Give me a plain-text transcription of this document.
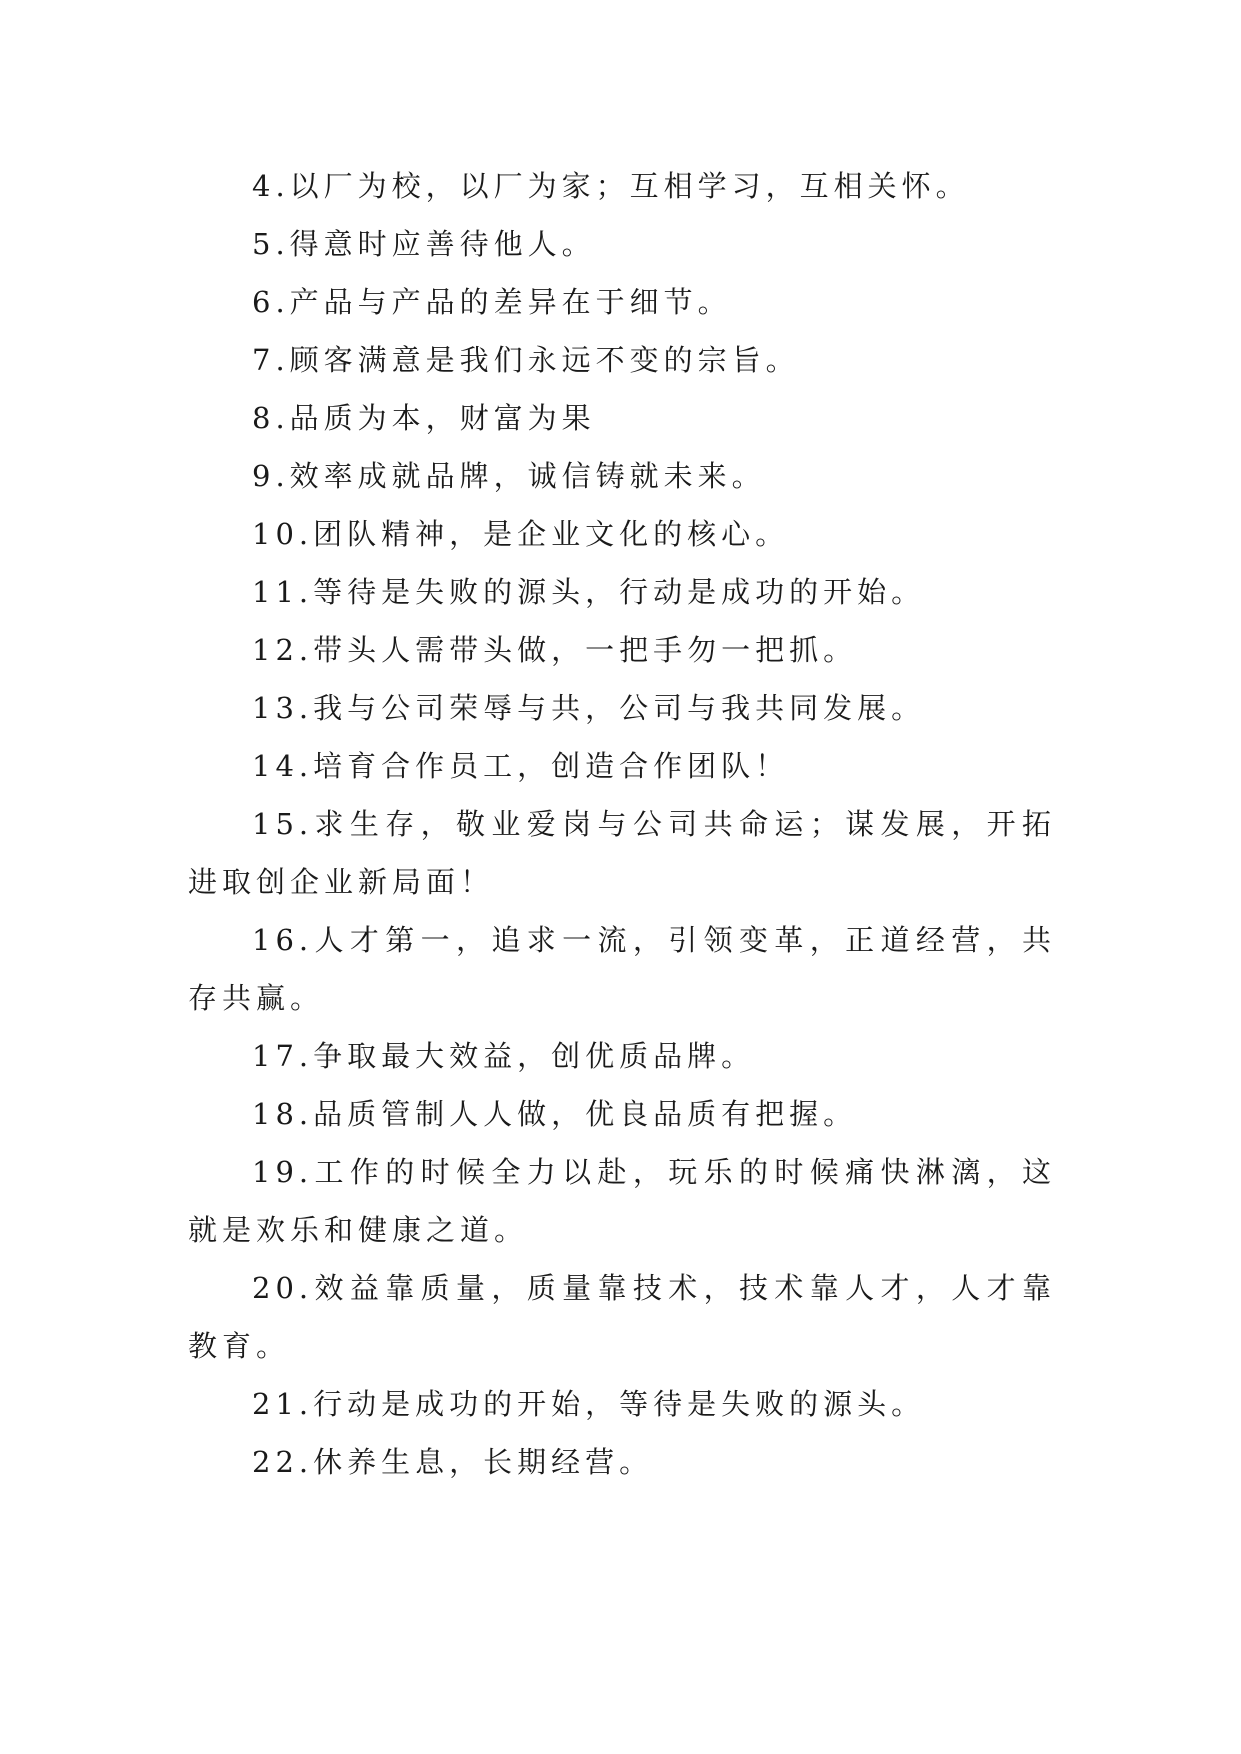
4.以厂为校，以厂为家；互相学习，互相关怀。

5.得意时应善待他人。

6.产品与产品的差异在于细节。

7.顾客满意是我们永远不变的宗旨。

8.品质为本，财富为果

9.效率成就品牌，诚信铸就未来。

10.团队精神，是企业文化的核心。

11.等待是失败的源头，行动是成功的开始。

12.带头人需带头做，一把手勿一把抓。

13.我与公司荣辱与共，公司与我共同发展。

14.培育合作员工，创造合作团队！

15.求生存，敬业爱岗与公司共命运；谋发展，开拓进取创企业新局面！

16.人才第一，追求一流，引领变革，正道经营，共存共赢。

17.争取最大效益，创优质品牌。

18.品质管制人人做，优良品质有把握。

19.工作的时候全力以赴，玩乐的时候痛快淋漓，这就是欢乐和健康之道。

20.效益靠质量，质量靠技术，技术靠人才，人才靠教育。

21.行动是成功的开始，等待是失败的源头。

22.休养生息，长期经营。
